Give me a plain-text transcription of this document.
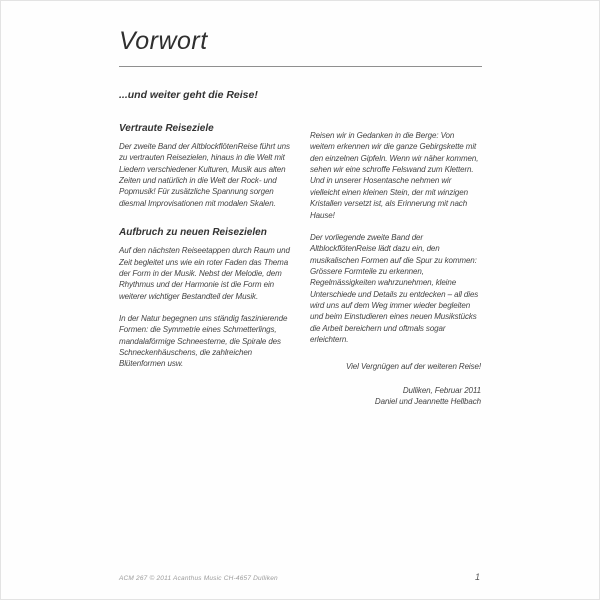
Vorwort
...und weiter geht die Reise!
Vertraute Reiseziele

Der zweite Band der AltblockflötenReise führt uns zu vertrauten Reisezielen, hinaus in die Welt mit Liedern verschiedener Kulturen, Musik aus alten Zeiten und natürlich in die Welt der Rock- und Popmusik! Für zusätzliche Spannung sorgen diesmal Improvisationen mit modalen Skalen.

Aufbruch zu neuen Reisezielen

Auf den nächsten Reiseetappen durch Raum und Zeit begleitet uns wie ein roter Faden das Thema der Form in der Musik. Nebst der Melodie, dem Rhythmus und der Harmonie ist die Form ein weiterer wichtiger Bestandteil der Musik.

In der Natur begegnen uns ständig faszinierende Formen: die Symmetrie eines Schmetterlings, mandalaförmige Schneesterne, die Spirale des Schneckenhäuschens, die zahlreichen Blütenformen usw.

Reisen wir in Gedanken in die Berge: Von weitem erkennen wir die ganze Gebirgskette mit den einzelnen Gipfeln. Wenn wir näher kommen, sehen wir eine schroffe Felswand zum Klettern. Und in unserer Hosentasche nehmen wir vielleicht einen kleinen Stein, der mit winzigen Kristallen versetzt ist, als Erinnerung mit nach Hause!

Der vorliegende zweite Band der AltblockflötenReise lädt dazu ein, den musikalischen Formen auf die Spur zu kommen: Grössere Formteile zu erkennen, Regelmässigkeiten wahrzunehmen, kleine Unterschiede und Details zu entdecken – all dies wird uns auf dem Weg immer wieder begleiten und beim Einstudieren eines neuen Musikstücks die Arbeit bereichern und oftmals sogar erleichtern.

Viel Vergnügen auf der weiteren Reise!

Dulliken, Februar 2011

Daniel und Jeannette Hellbach

ACM 267 © 2011 Acanthus Music CH-4657 Dulliken	1
